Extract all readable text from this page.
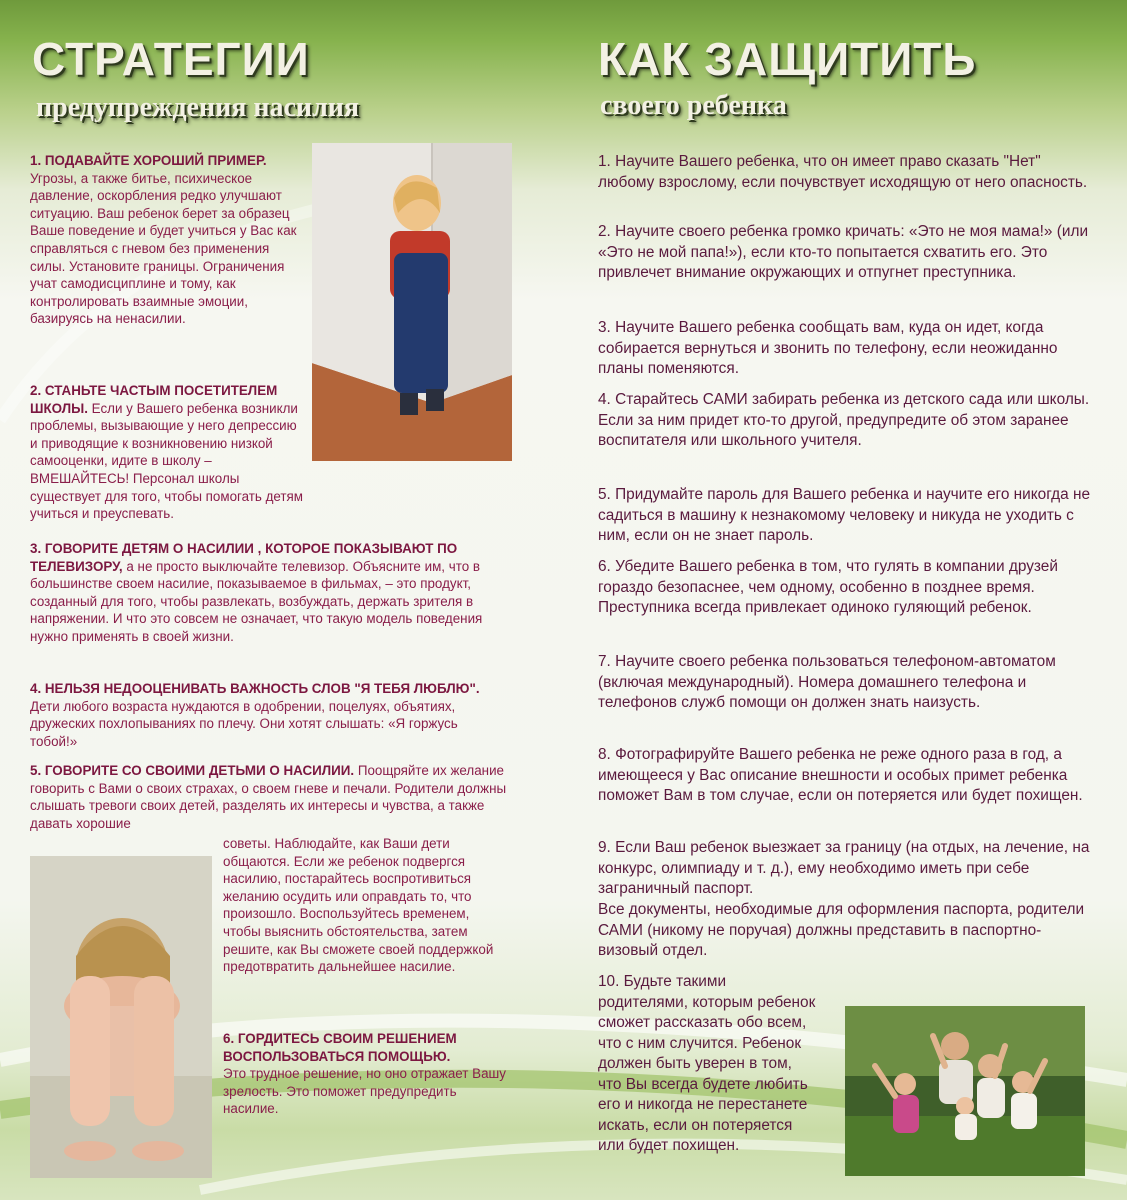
СТРАТЕГИИ
предупреждения насилия
1. ПОДАВАЙТЕ ХОРОШИЙ ПРИМЕР. Угрозы, а также битье, психическое давление, оскорбления редко улучшают ситуацию. Ваш ребенок берет за образец Ваше поведение и будет учиться у Вас как справляться с гневом без применения силы. Установите границы. Ограничения учат самодисциплине и тому, как контролировать взаимные эмоции, базируясь на ненасилии.
2. СТАНЬТЕ ЧАСТЫМ ПОСЕТИТЕЛЕМ ШКОЛЫ. Если у Вашего ребенка возникли проблемы, вызывающие у него депрессию и приводящие к возникновению низкой самооценки, идите в школу – ВМЕШАЙТЕСЬ! Персонал школы существует для того, чтобы помогать детям учиться и преуспевать.
3. ГОВОРИТЕ ДЕТЯМ О НАСИЛИИ , КОТОРОЕ ПОКАЗЫВАЮТ ПО ТЕЛЕВИЗОРУ, а не просто выключайте телевизор. Объясните им, что в большинстве своем насилие, показываемое в фильмах, – это продукт, созданный для того, чтобы развлекать, возбуждать, держать зрителя в напряжении. И что это совсем не означает, что такую модель поведения нужно применять в своей жизни.
4. НЕЛЬЗЯ НЕДООЦЕНИВАТЬ ВАЖНОСТЬ СЛОВ "Я ТЕБЯ ЛЮБЛЮ". Дети любого возраста нуждаются в одобрении, поцелуях, объятиях, дружеских похлопываниях по плечу. Они хотят слышать: «Я горжусь тобой!»
5. ГОВОРИТЕ СО СВОИМИ ДЕТЬМИ О НАСИЛИИ. Поощряйте их желание говорить с Вами о своих страхах, о своем гневе и печали. Родители должны слышать тревоги своих детей, разделять их интересы и чувства, а также давать хорошие
советы. Наблюдайте, как Ваши дети общаются. Если же ребенок подвергся насилию, постарайтесь воспротивиться желанию осудить или оправдать то, что произошло. Воспользуйтесь временем, чтобы выяснить обстоятельства, затем решите, как Вы сможете своей поддержкой предотвратить дальнейшее насилие.
6. ГОРДИТЕСЬ СВОИМ РЕШЕНИЕМ ВОСПОЛЬЗОВАТЬСЯ ПОМОЩЬЮ.
Это трудное решение, но оно отражает Вашу зрелость. Это поможет предупредить насилие.
КАК ЗАЩИТИТЬ
своего ребенка
1. Научите Вашего ребенка, что он имеет право сказать "Нет" любому взрослому, если почувствует исходящую от него опасность.
2. Научите своего ребенка громко кричать: «Это не моя мама!» (или «Это не мой папа!»), если кто-то попытается схватить его. Это привлечет внимание окружающих и отпугнет преступника.
3. Научите Вашего ребенка сообщать вам, куда он идет, когда собирается вернуться и звонить по телефону, если неожиданно планы поменяются.
4. Старайтесь САМИ забирать ребенка из детского сада или школы. Если за ним придет кто-то другой, предупредите об этом заранее воспитателя или школьного учителя.
5. Придумайте пароль для Вашего ребенка и научите его никогда не садиться в машину к незнакомому человеку и никуда не уходить с ним, если он не знает пароль.
6. Убедите Вашего ребенка в том, что гулять в компании друзей гораздо безопаснее, чем одному, особенно в позднее время. Преступника всегда привлекает одиноко гуляющий ребенок.
7. Научите своего ребенка пользоваться телефоном-автоматом (включая международный). Номера домашнего телефона и телефонов служб помощи он должен знать наизусть.
8. Фотографируйте Вашего ребенка не реже одного раза в год, а имеющееся у Вас описание внешности и особых примет ребенка поможет Вам в том случае, если он потеряется или будет похищен.
9. Если Ваш ребенок выезжает за границу (на отдых, на лечение, на конкурс, олимпиаду и т. д.), ему необходимо иметь при себе заграничный паспорт.
Все документы, необходимые для оформления паспорта, родители САМИ (никому не поручая) должны представить в паспортно-визовый отдел.
10. Будьте такими родителями, которым ребенок сможет рассказать обо всем, что с ним случится. Ребенок должен быть уверен в том, что Вы всегда будете любить его и никогда не перестанете искать, если он потеряется или будет похищен.
